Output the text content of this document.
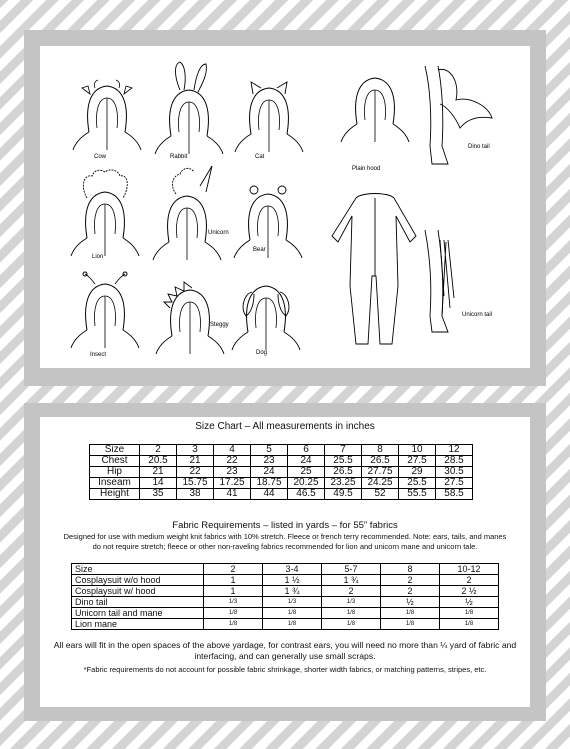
Cow	Rabbit	Cat
Plain hood
Dino tail
Lion
Unicorn
Bear
Unicorn tail
Insect
Steggy
Dog
Size Chart – All measurements in inches
Size	2	3	4	5	6	7	8	10	12
Chest	20.5	21	22	23	24	25.5	26.5	27.5	28.5
Hip	21	22	23	24	25	26.5	27.75	29	30.5
Inseam	14	15.75	17.25	18.75	20.25	23.25	24.25	25.5	27.5
Height	35	38	41	44	46.5	49.5	52	55.5	58.5
Fabric Requirements – listed in yards – for 55” fabrics
Designed for use with medium weight knit fabrics with 10% stretch. Fleece or french terry recommended. Note: ears, tails, and manes do not require stretch; fleece or other non-raveling fabrics recommended for lion and unicorn mane and unicorn tale.
Size	2	3-4	5-7	8	10-12
Cosplaysuit w/o hood	1	1 ½	1 ¾	2	2
Cosplaysuit w/ hood	1	1 ¾	2	2	2 ½
Dino tail	1/3	1/3	1/3	½	½
Unicorn tail and mane	1/8	1/8	1/8	1/8	1/8
Lion mane	1/8	1/8	1/8	1/8	1/8
All ears will fit in the open spaces of the above yardage, for contrast ears, you will need no more than ¼ yard of fabric and interfacing, and can generally use small scraps.
*Fabric requirements do not account for possible fabric shrinkage, shorter width fabrics, or matching patterns, stripes, etc.
